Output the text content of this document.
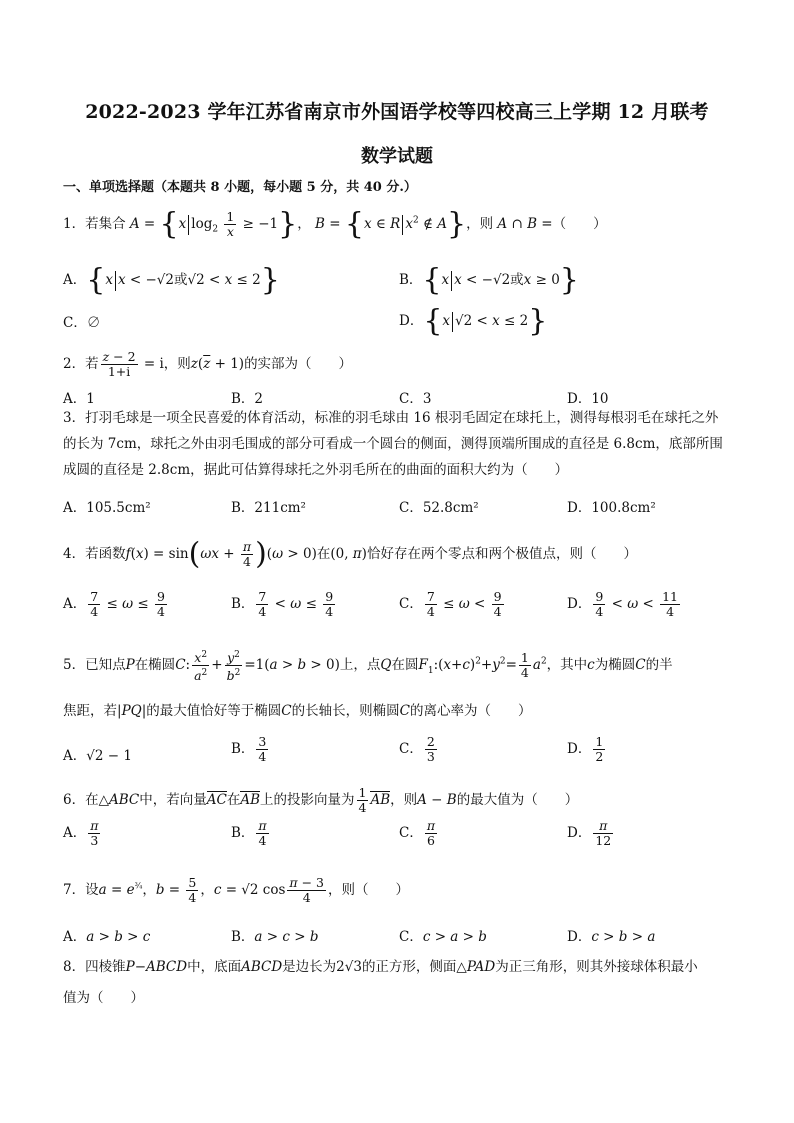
2022-2023 学年江苏省南京市外国语学校等四校高三上学期 12 月联考
数学试题
一、单项选择题（本题共 8 小题，每小题 5 分，共 40 分.）
1．若集合 A = {x $\log_2 \frac{1}{x} \ge -1$}， B = {x ∈ R $x^2$ ∉ A}，则 A ∩ B =（　　）
A．{x x < −√2或√2 < x ≤ 2}	B．{x x < −√2或x ≥ 0}
C．∅	D．{x √2 < x ≤ 2}
2．若 $\frac{z - 2}{1+i} = i$，则$z(\overline{z} + 1)$的实部为（　　）
A．1	B．2	C．3	D．10
3．打羽毛球是一项全民喜爱的体育活动，标准的羽毛球由 16 根羽毛固定在球托上，测得每根羽毛在球托之外
的长为 7cm，球托之外由羽毛围成的部分可看成一个圆台的侧面，测得顶端所围成的直径是 6.8cm，底部所围
成圆的直径是 2.8cm，据此可估算得球托之外羽毛所在的曲面的面积大约为（　　）
A．105.5cm²	B．211cm²	C．52.8cm²	D．100.8cm²
4．若函数$f(x) = \sin(\omega x + \frac{\pi}{4} )(\omega > 0)$在(0, π)恰好存在两个零点和两个极值点，则（　　）
A． $\frac{7}{4} \le \omega \le \frac{9}{4}$	B． $\frac{7}{4} < \omega \le \frac{9}{4}$	C． $\frac{7}{4} \le \omega < \frac{9}{4}$	D． $\frac{9}{4} < \omega < \frac{11}{4}$
5．已知点P在椭圆C: $\frac{x^2}{a^2} + \frac{y^2}{b^2} =1(a > b > 0)$上，点Q在圆$F_1:(x+c)^2+y^2= \frac{1}{4} a^2$，其中c为椭圆C的半
焦距，若|PQ|的最大值恰好等于椭圆C的长轴长，则椭圆C的离心率为（　　）
A．√2 − 1	B． $\frac{3}{4}$	C． $\frac{2}{3}$	D． $\frac{1}{2}$
6．在△ABC中，若向量AC在AB上的投影向量为 $\frac{1}{4}$ AB，则A − B的最大值为（　　）
A． $\frac{\pi}{3}$	B． $\frac{\pi}{4}$	C． $\frac{\pi}{6}$	D． $\frac{\pi}{12}$
7．设$a = e^{\frac{3}{4}}$，$b = \frac{5}{4}$ ，c = √2 $\cos \frac{\pi - 3}{4}$ ，则（　　）
A．a > b > c	B．a > c > b	C．c > a > b	D．c > b > a
8．四棱锥P−ABCD中，底面ABCD是边长为2√3的正方形，侧面△PAD为正三角形，则其外接球体积最小
值为（　　）
